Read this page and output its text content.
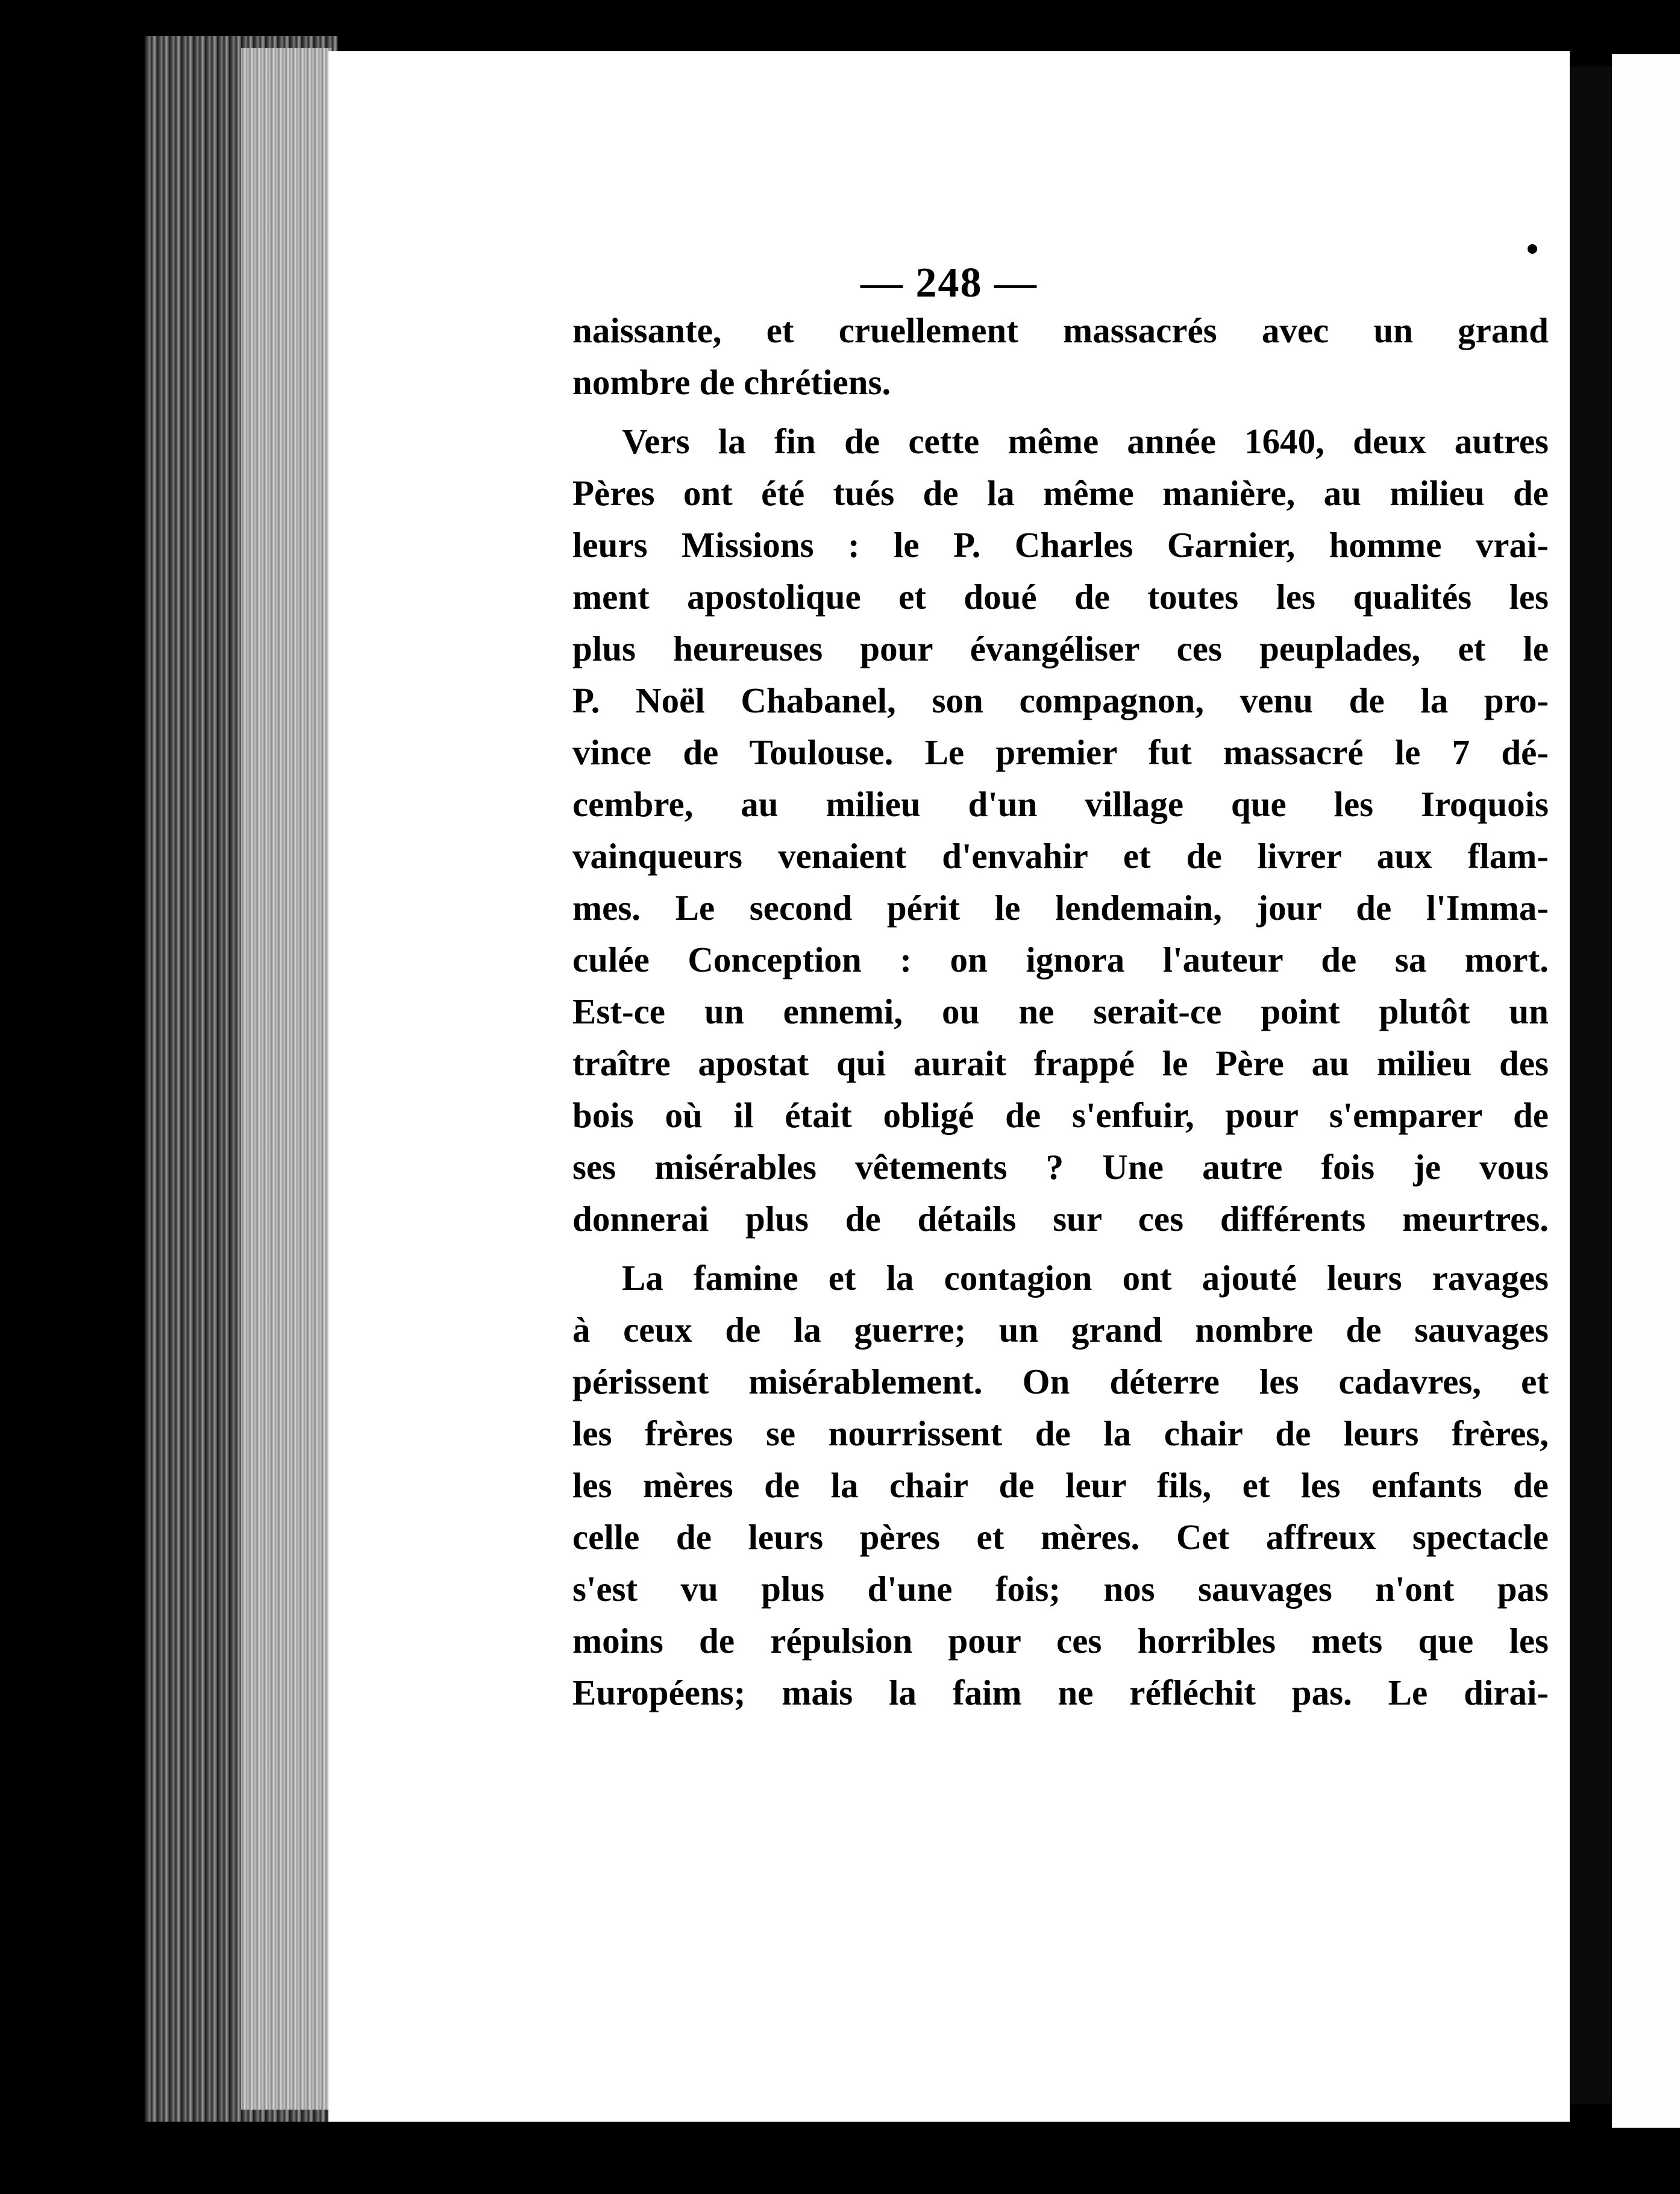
— 248 —
naissante, et cruellement massacrés avec un grand
nombre de chrétiens.
Vers la fin de cette même année 1640, deux autres
Pères ont été tués de la même manière, au milieu de
leurs Missions : le P. Charles Garnier, homme vrai-
ment apostolique et doué de toutes les qualités les
plus heureuses pour évangéliser ces peuplades, et le
P. Noël Chabanel, son compagnon, venu de la pro-
vince de Toulouse. Le premier fut massacré le 7 dé-
cembre, au milieu d'un village que les Iroquois
vainqueurs venaient d'envahir et de livrer aux flam-
mes. Le second périt le lendemain, jour de l'Imma-
culée Conception : on ignora l'auteur de sa mort.
Est-ce un ennemi, ou ne serait-ce point plutôt un
traître apostat qui aurait frappé le Père au milieu des
bois où il était obligé de s'enfuir, pour s'emparer de
ses misérables vêtements ? Une autre fois je vous
donnerai plus de détails sur ces différents meurtres.
La famine et la contagion ont ajouté leurs ravages
à ceux de la guerre; un grand nombre de sauvages
périssent misérablement. On déterre les cadavres, et
les frères se nourrissent de la chair de leurs frères,
les mères de la chair de leur fils, et les enfants de
celle de leurs pères et mères. Cet affreux spectacle
s'est vu plus d'une fois; nos sauvages n'ont pas
moins de répulsion pour ces horribles mets que les
Européens; mais la faim ne réfléchit pas. Le dirai-
